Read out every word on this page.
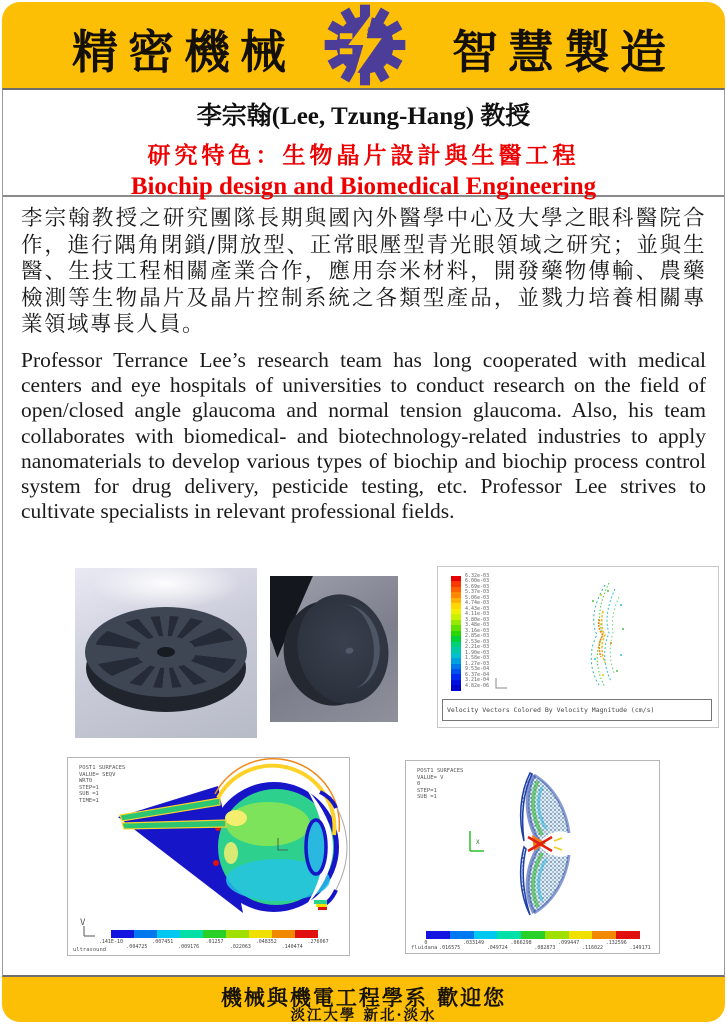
精密機械	機械 智慧製造
李宗翰(Lee, Tzung-Hang) 教授
研究特色：生物晶片設計與生醫工程
Biochip design and Biomedical Engineering
李宗翰教授之研究團隊長期與國內外醫學中心及大學之眼科醫院合作，進行隅角閉鎖/開放型、正常眼壓型青光眼領域之研究；並與生醫、生技工程相關產業合作，應用奈米材料，開發藥物傳輸、農藥檢測等生物晶片及晶片控制系統之各類型產品，並戮力培養相關專業領域專長人員。
Professor Terrance Lee’s research team has long cooperated with medical centers and eye hospitals of universities to conduct research on the field of open/closed angle glaucoma and normal tension glaucoma. Also, his team collaborates with biomedical- and biotechnology-related industries to apply nanomaterials to develop various types of biochip and biochip process control system for drug delivery, pesticide testing, etc. Professor Lee strives to cultivate specialists in relevant professional fields.
6.32e-03
6.00e-03
5.69e-03
5.37e-03
5.06e-03
4.74e-03
4.43e-03
4.11e-03
3.80e-03
3.48e-03
3.16e-03
2.85e-03
2.53e-03
2.21e-03
1.90e-03
1.58e-03
1.27e-03
9.53e-04
6.37e-04
3.21e-04
4.82e-06
Velocity Vectors Colored By Velocity Magnitude (cm/s)
POST1 SURFACES
VALUE= SEQV
WRT0
STEP=1
SUB =1
TIME=1
V
.141E-10
.004725
.007451
.009176
.01257
.022063
.048352
.140474
.276067
ultrasound
POST1 SURFACES
VALUE= V
0
STEP=1
SUB =1
X
0
.016575
.033149
.049724
.066298
.082873
.099447
.116022
.132596
.149171
fluidana
機械與機電工程學系 歡迎您
淡江大學 新北·淡水
